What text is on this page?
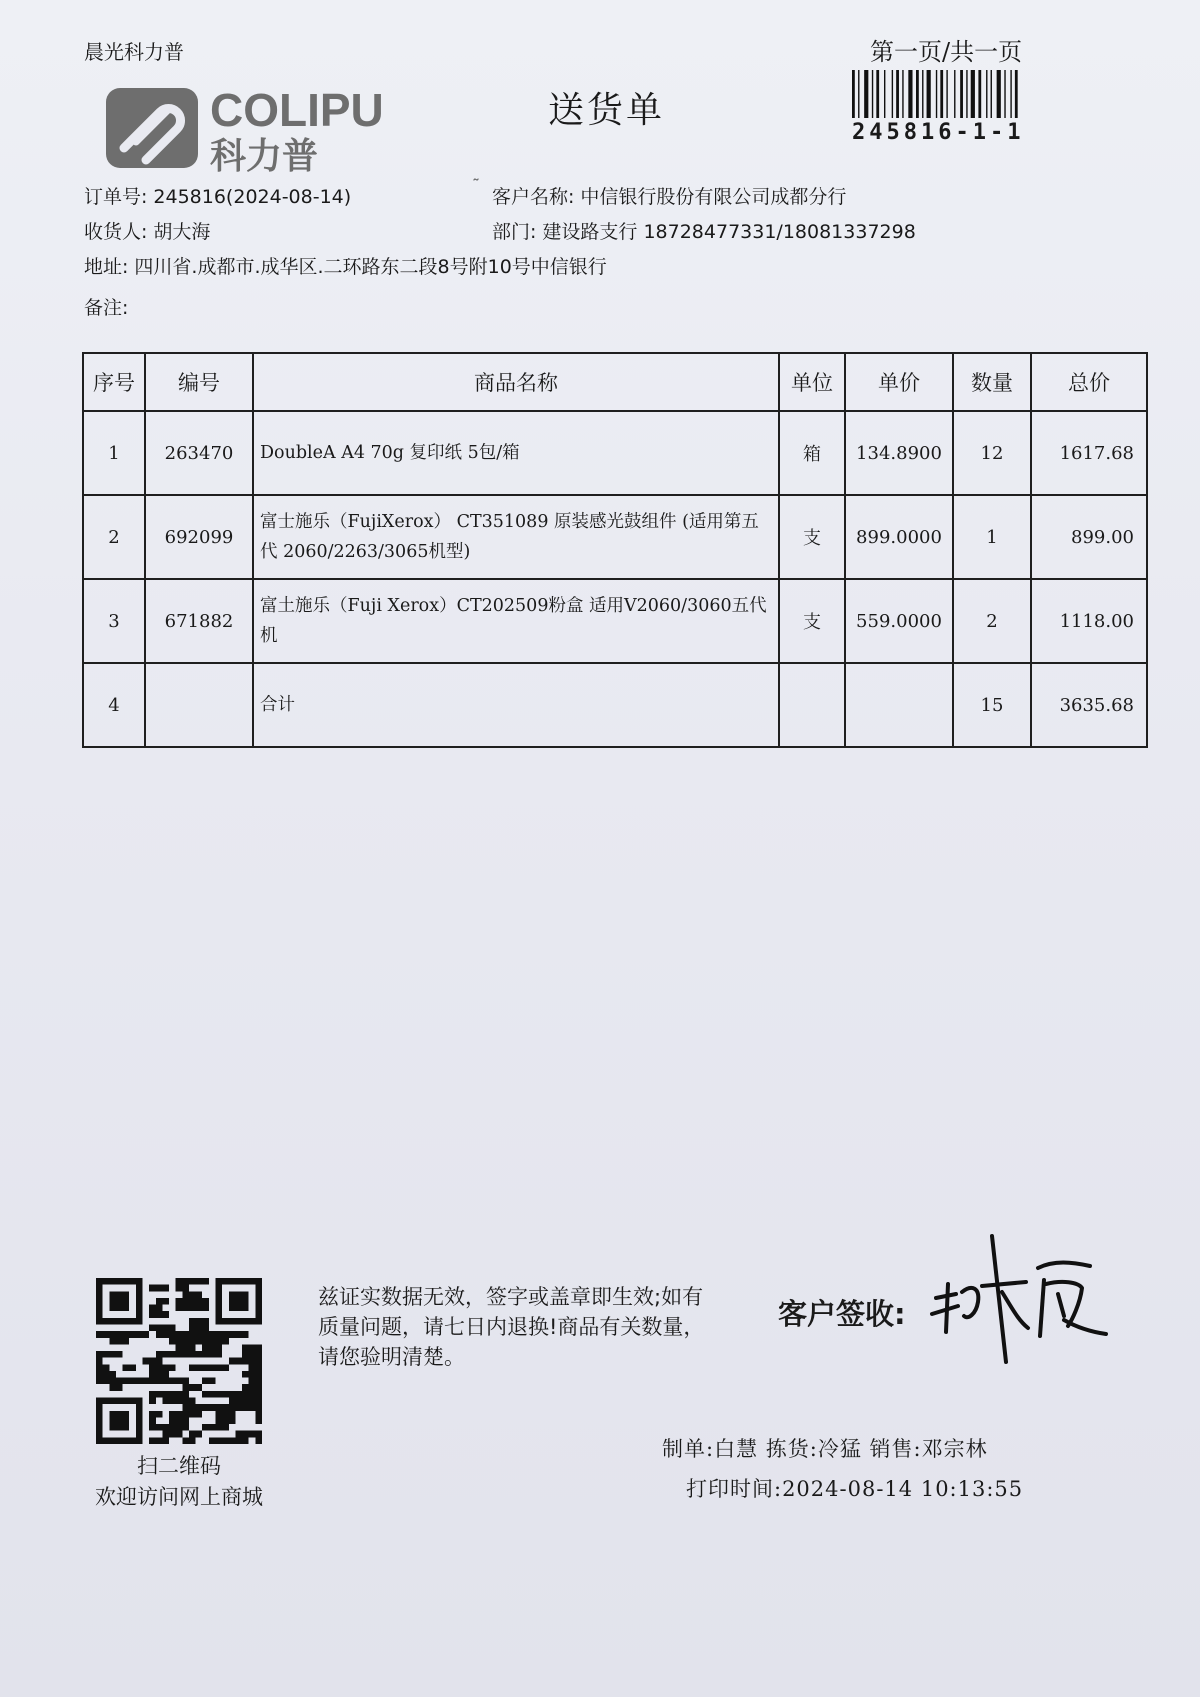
晨光科力普
COLIPU
科力普
送货单
第一页/共一页
245816-1-1
订单号: 245816(2024-08-14)
˜
客户名称: 中信银行股份有限公司成都分行
收货人: 胡大海	部门: 建设路支行 18728477331/18081337298
地址: 四川省.成都市.成华区.二环路东二段8号附10号中信银行
备注:
序号	编号	商品名称	单位	单价	数量	总价
1	263470	DoubleA A4 70g 复印纸 5包/箱	箱	134.8900	12	1617.68
2	692099	富士施乐（FujiXerox） CT351089 原装感光鼓组件 (适用第五代 2060/2263/3065机型)	支	899.0000	1	899.00
3	671882	富土施乐（Fuji Xerox）CT202509粉盒 适用V2060/3060五代机	支	559.0000	2	1118.00
4		合计			15	3635.68
扫二维码
欢迎访问网上商城
兹证实数据无效，签字或盖章即生效;如有质量问题，请七日内退换!商品有关数量，请您验明清楚。
客户签收:
制单:白慧 拣货:冷猛 销售:邓宗林
打印时间:2024-08-14 10:13:55
